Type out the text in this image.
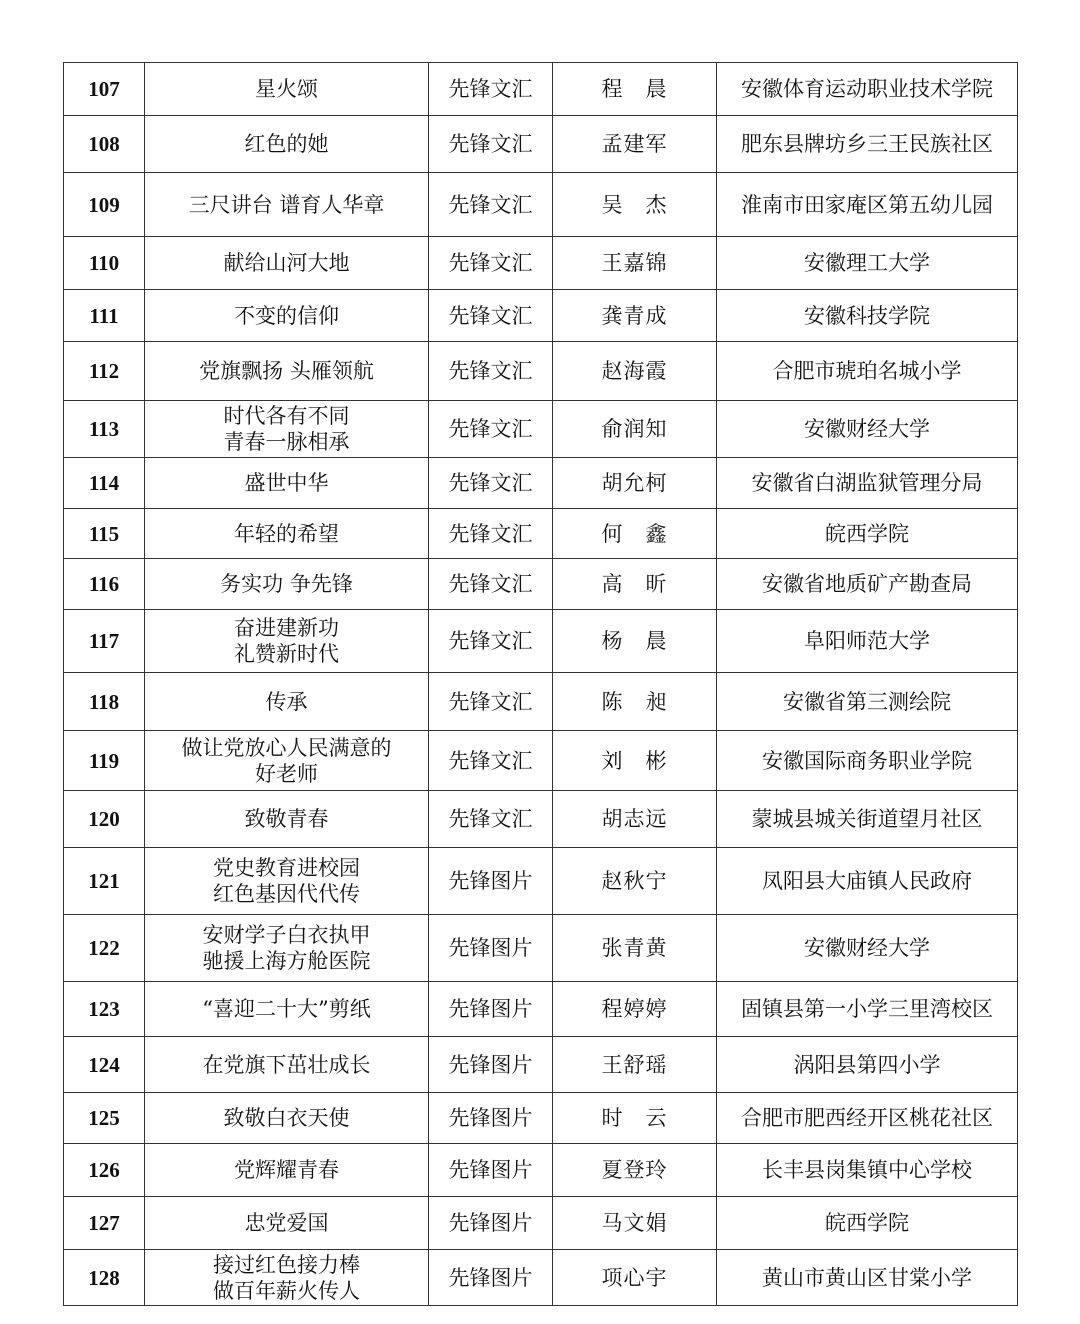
107	星火颂	先锋文汇	程　晨	安徽体育运动职业技术学院
108	红色的她	先锋文汇	孟建军	肥东县牌坊乡三王民族社区
109	三尺讲台 谱育人华章	先锋文汇	吴　杰	淮南市田家庵区第五幼儿园
110	献给山河大地	先锋文汇	王嘉锦	安徽理工大学
111	不变的信仰	先锋文汇	龚青成	安徽科技学院
112	党旗飘扬 头雁领航	先锋文汇	赵海霞	合肥市琥珀名城小学
113	时代各有不同
青春一脉相承	先锋文汇	俞润知	安徽财经大学
114	盛世中华	先锋文汇	胡允柯	安徽省白湖监狱管理分局
115	年轻的希望	先锋文汇	何　鑫	皖西学院
116	务实功 争先锋	先锋文汇	高　昕	安徽省地质矿产勘查局
117	奋进建新功
礼赞新时代	先锋文汇	杨　晨	阜阳师范大学
118	传承	先锋文汇	陈　昶	安徽省第三测绘院
119	做让党放心人民满意的
好老师	先锋文汇	刘　彬	安徽国际商务职业学院
120	致敬青春	先锋文汇	胡志远	蒙城县城关街道望月社区
121	党史教育进校园
红色基因代代传	先锋图片	赵秋宁	凤阳县大庙镇人民政府
122	安财学子白衣执甲
驰援上海方舱医院	先锋图片	张青黄	安徽财经大学
123	“喜迎二十大”剪纸	先锋图片	程婷婷	固镇县第一小学三里湾校区
124	在党旗下茁壮成长	先锋图片	王舒瑶	涡阳县第四小学
125	致敬白衣天使	先锋图片	时　云	合肥市肥西经开区桃花社区
126	党辉耀青春	先锋图片	夏登玲	长丰县岗集镇中心学校
127	忠党爱国	先锋图片	马文娟	皖西学院
128	接过红色接力棒
做百年薪火传人	先锋图片	项心宇	黄山市黄山区甘棠小学
